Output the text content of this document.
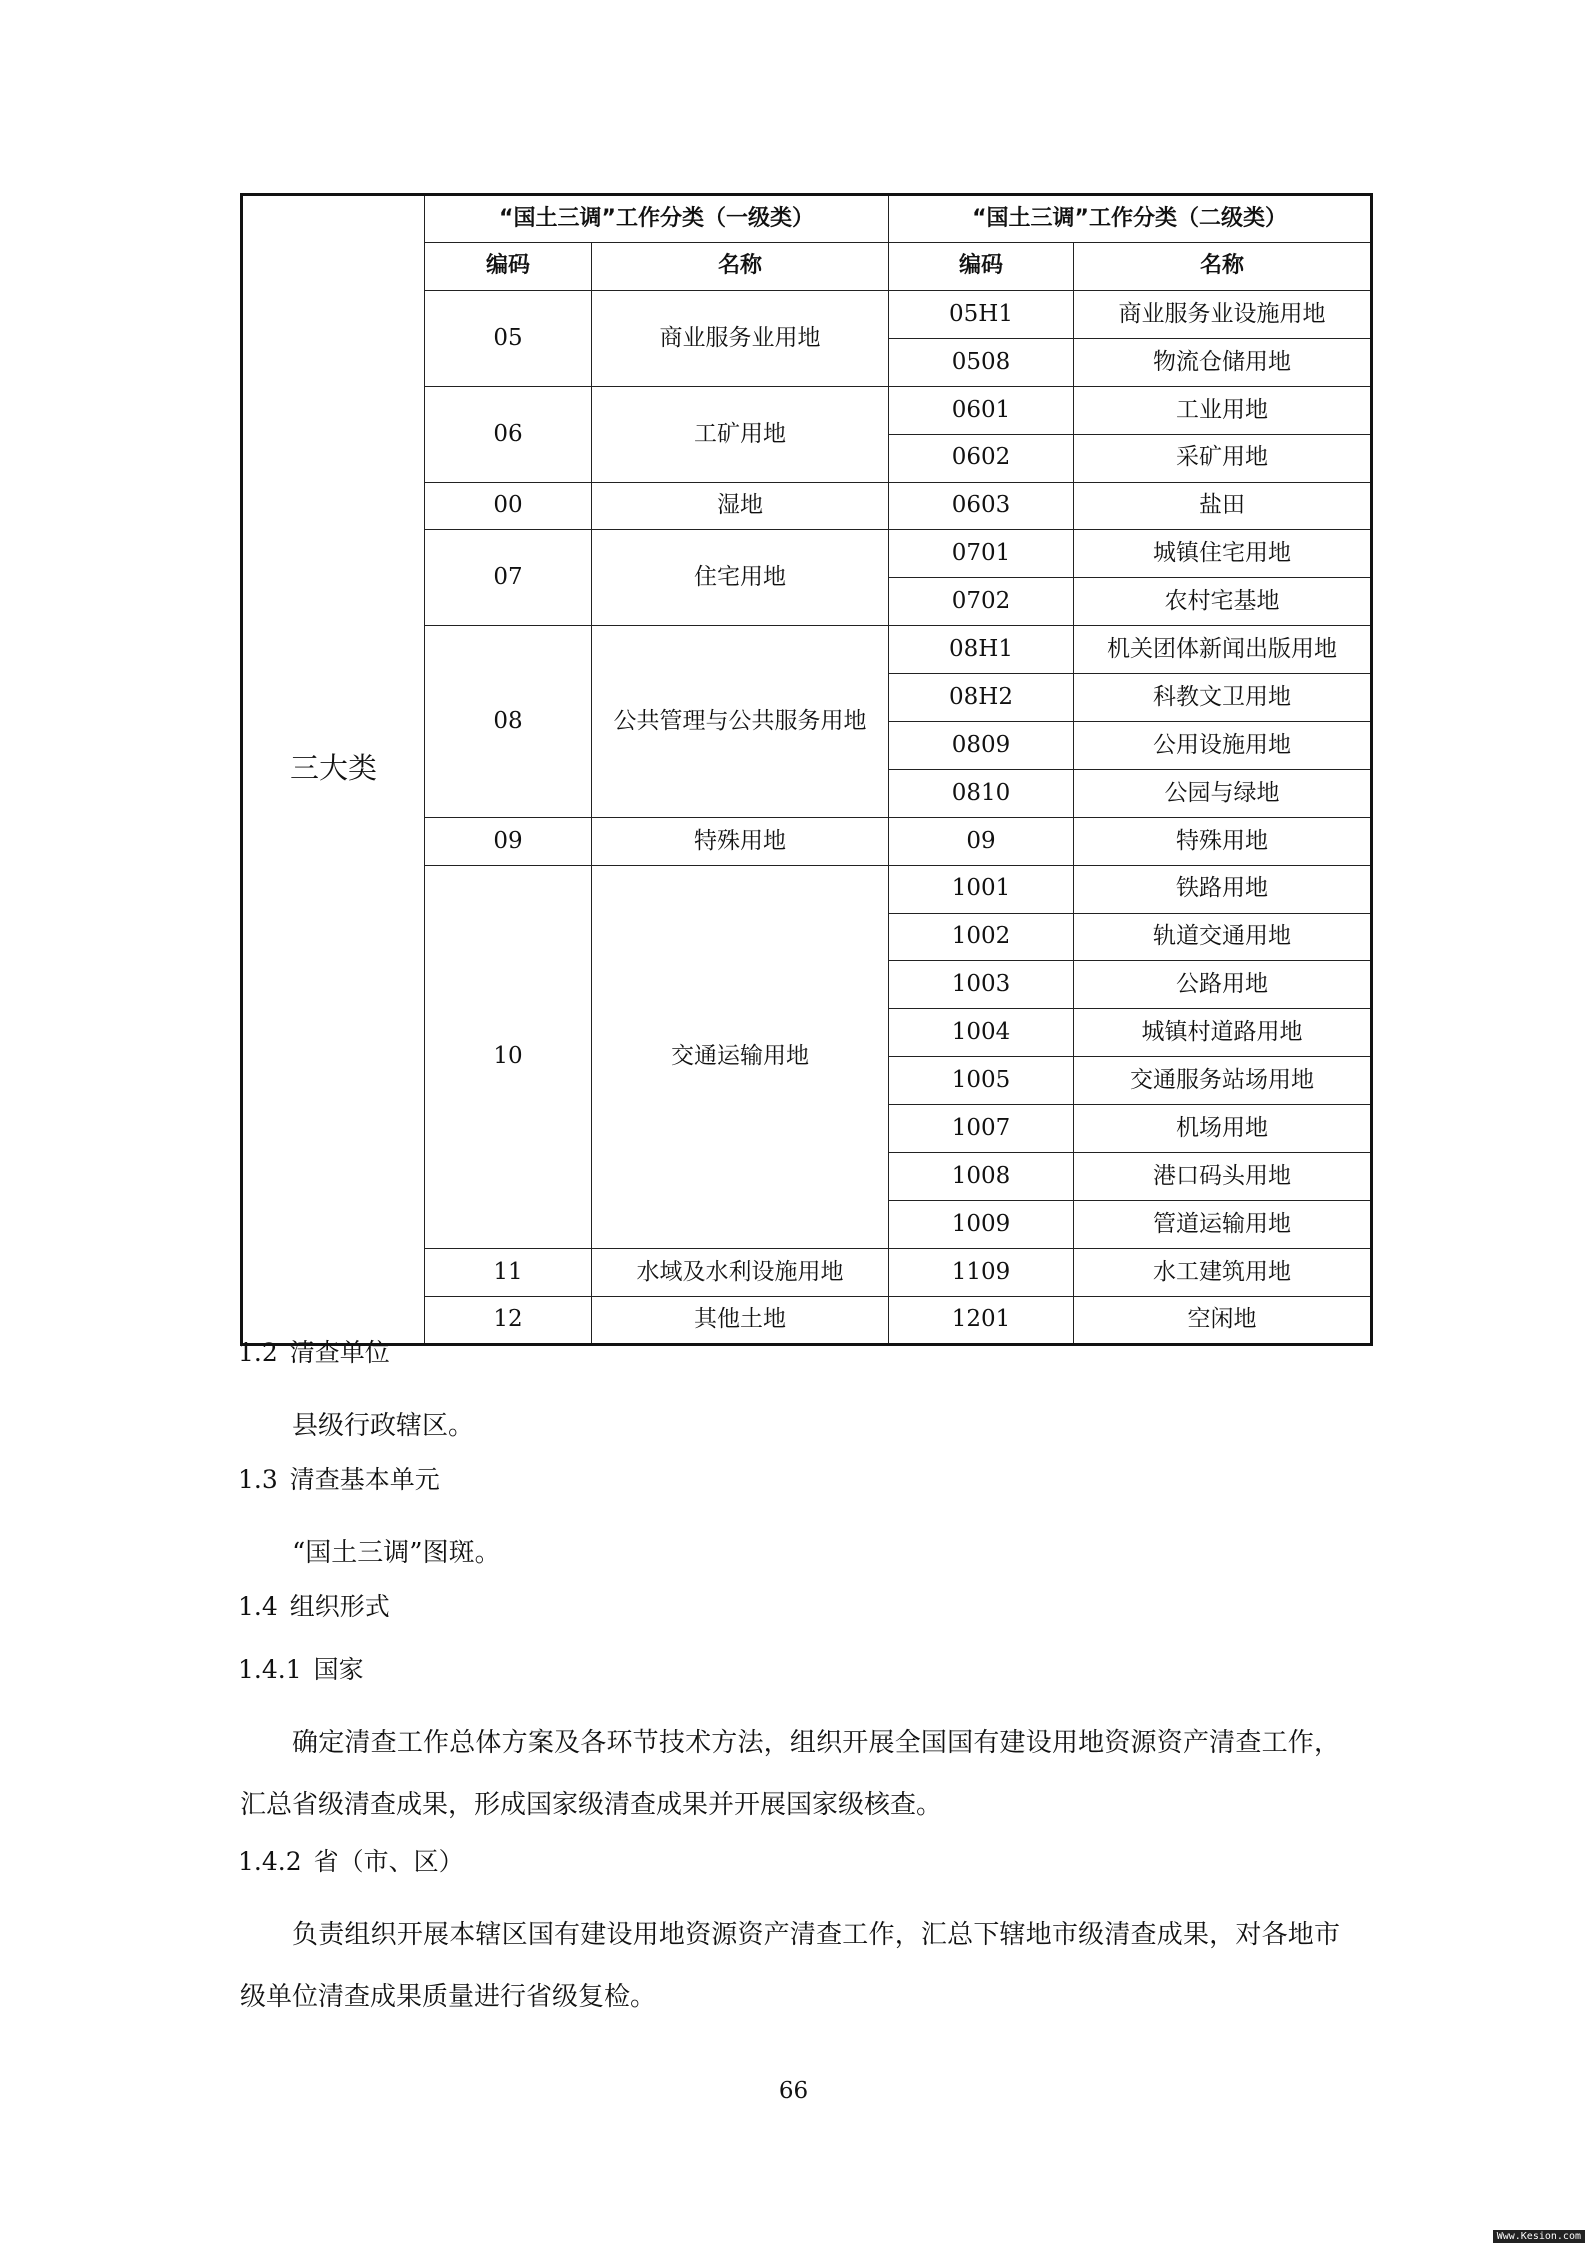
三大类	“国土三调”工作分类（一级类）		“国土三调”工作分类（二级类）	
	编码	名称	编码	名称
	05	商业服务业用地	05H1	商业服务业设施用地
			0508	物流仓储用地
	06	工矿用地	0601	工业用地
			0602	采矿用地
	00	湿地	0603	盐田
	07	住宅用地	0701	城镇住宅用地
			0702	农村宅基地
	08	公共管理与公共服务用地	08H1	机关团体新闻出版用地
			08H2	科教文卫用地
			0809	公用设施用地
			0810	公园与绿地
	09	特殊用地	09	特殊用地
	10	交通运输用地	1001	铁路用地
			1002	轨道交通用地
			1003	公路用地
			1004	城镇村道路用地
			1005	交通服务站场用地
			1007	机场用地
			1008	港口码头用地
			1009	管道运输用地
	11	水域及水利设施用地	1109	水工建筑用地
	12	其他土地	1201	空闲地
1.2 清查单位
县级行政辖区。
1.3 清查基本单元
“国土三调”图斑。
1.4 组织形式
1.4.1 国家
确定清查工作总体方案及各环节技术方法，组织开展全国国有建设用地资源资产清查工作，汇总省级清查成果，形成国家级清查成果并开展国家级核查。
1.4.2 省（市、区）
负责组织开展本辖区国有建设用地资源资产清查工作，汇总下辖地市级清查成果，对各地市级单位清查成果质量进行省级复检。
66
Www.Kesion.com
